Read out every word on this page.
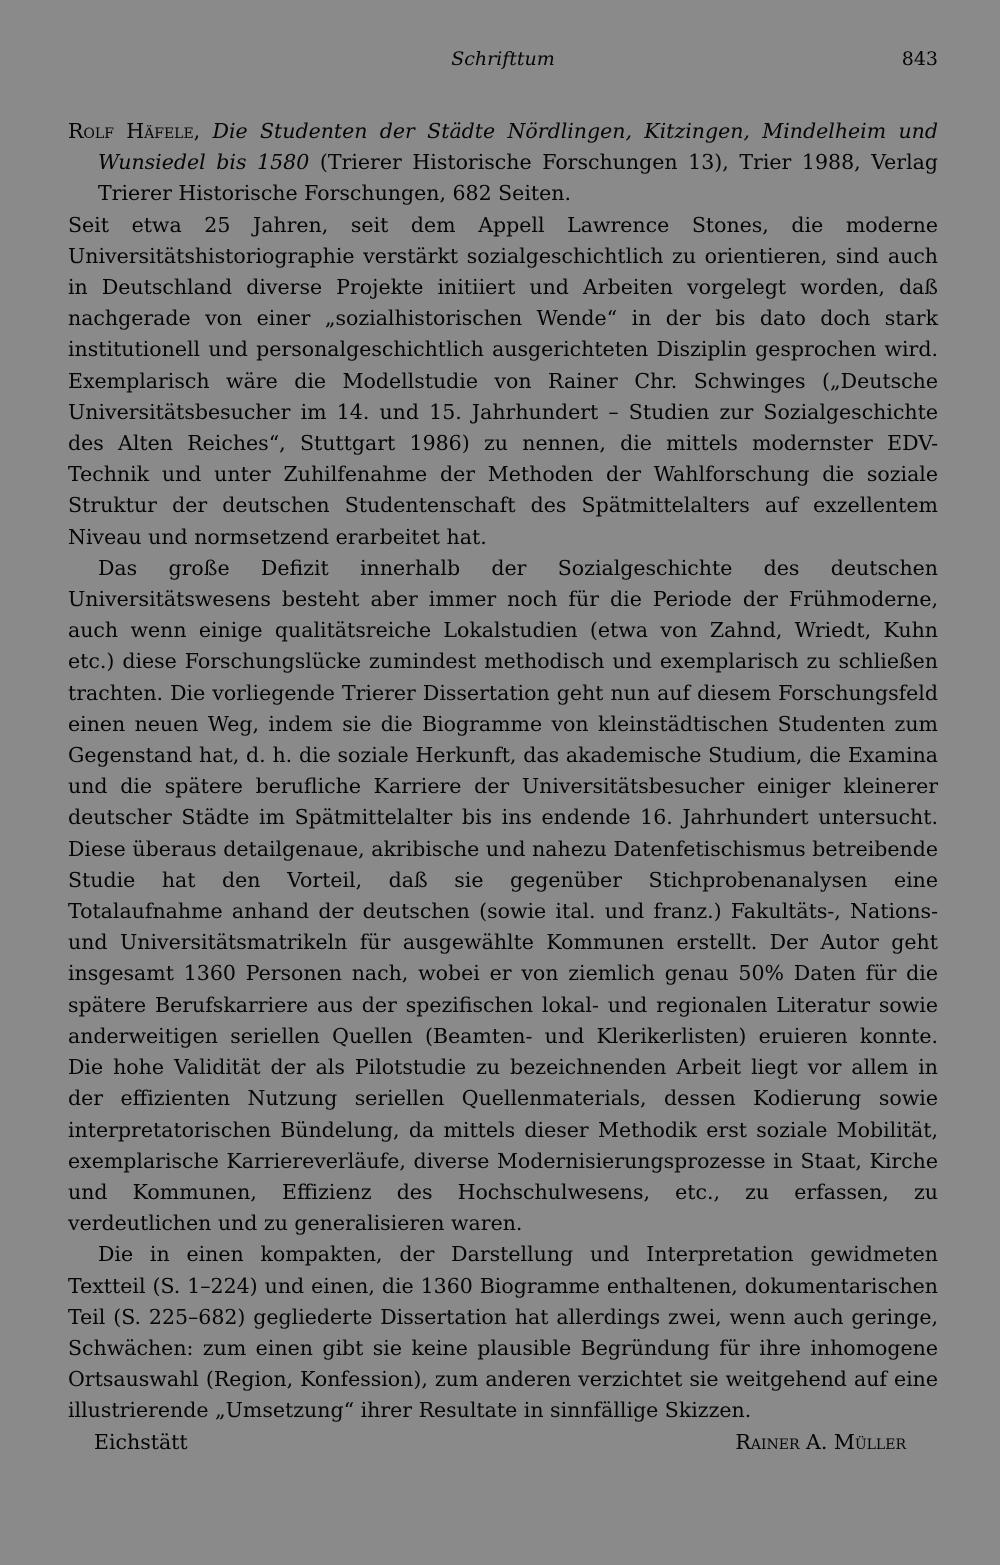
Schrifttum	843
Rolf Häfele, Die Studenten der Städte Nördlingen, Kitzingen, Mindelheim und Wunsiedel bis 1580 (Trierer Historische Forschungen 13), Trier 1988, Verlag Trierer Historische Forschungen, 682 Seiten.

Seit etwa 25 Jahren, seit dem Appell Lawrence Stones, die moderne Universitätshistoriographie verstärkt sozialgeschichtlich zu orientieren, sind auch in Deutschland diverse Projekte initiiert und Arbeiten vorgelegt worden, daß nachgerade von einer „sozialhistorischen Wende“ in der bis dato doch stark institutionell und personalgeschichtlich ausgerichteten Disziplin gesprochen wird. Exemplarisch wäre die Modellstudie von Rainer Chr. Schwinges („Deutsche Universitätsbesucher im 14. und 15. Jahrhundert – Studien zur Sozialgeschichte des Alten Reiches“, Stuttgart 1986) zu nennen, die mittels modernster EDV-Technik und unter Zuhilfenahme der Methoden der Wahlforschung die soziale Struktur der deutschen Studentenschaft des Spätmittelalters auf exzellentem Niveau und normsetzend erarbeitet hat.

Das große Defizit innerhalb der Sozialgeschichte des deutschen Universitätswesens besteht aber immer noch für die Periode der Frühmoderne, auch wenn einige qualitätsreiche Lokalstudien (etwa von Zahnd, Wriedt, Kuhn etc.) diese Forschungslücke zumindest methodisch und exemplarisch zu schließen trachten. Die vorliegende Trierer Dissertation geht nun auf diesem Forschungsfeld einen neuen Weg, indem sie die Biogramme von kleinstädtischen Studenten zum Gegenstand hat, d. h. die soziale Herkunft, das akademische Studium, die Examina und die spätere berufliche Karriere der Universitätsbesucher einiger kleinerer deutscher Städte im Spätmittelalter bis ins endende 16. Jahrhundert untersucht. Diese überaus detailgenaue, akribische und nahezu Datenfetischismus betreibende Studie hat den Vorteil, daß sie gegenüber Stichprobenanalysen eine Totalaufnahme anhand der deutschen (sowie ital. und franz.) Fakultäts-, Nations- und Universitätsmatrikeln für ausgewählte Kommunen erstellt. Der Autor geht insgesamt 1360 Personen nach, wobei er von ziemlich genau 50% Daten für die spätere Berufskarriere aus der spezifischen lokal- und regionalen Literatur sowie anderweitigen seriellen Quellen (Beamten- und Klerikerlisten) eruieren konnte. Die hohe Validität der als Pilotstudie zu bezeichnenden Arbeit liegt vor allem in der effizienten Nutzung seriellen Quellenmaterials, dessen Kodierung sowie interpretatorischen Bündelung, da mittels dieser Methodik erst soziale Mobilität, exemplarische Karriereverläufe, diverse Modernisierungsprozesse in Staat, Kirche und Kommunen, Effizienz des Hochschulwesens, etc., zu erfassen, zu verdeutlichen und zu generalisieren waren.

Die in einen kompakten, der Darstellung und Interpretation gewidmeten Textteil (S. 1–224) und einen, die 1360 Biogramme enthaltenen, dokumentarischen Teil (S. 225–682) gegliederte Dissertation hat allerdings zwei, wenn auch geringe, Schwächen: zum einen gibt sie keine plausible Begründung für ihre inhomogene Ortsauswahl (Region, Konfession), zum anderen verzichtet sie weitgehend auf eine illustrierende „Umsetzung“ ihrer Resultate in sinnfällige Skizzen.

Eichstätt	Rainer A. Müller
